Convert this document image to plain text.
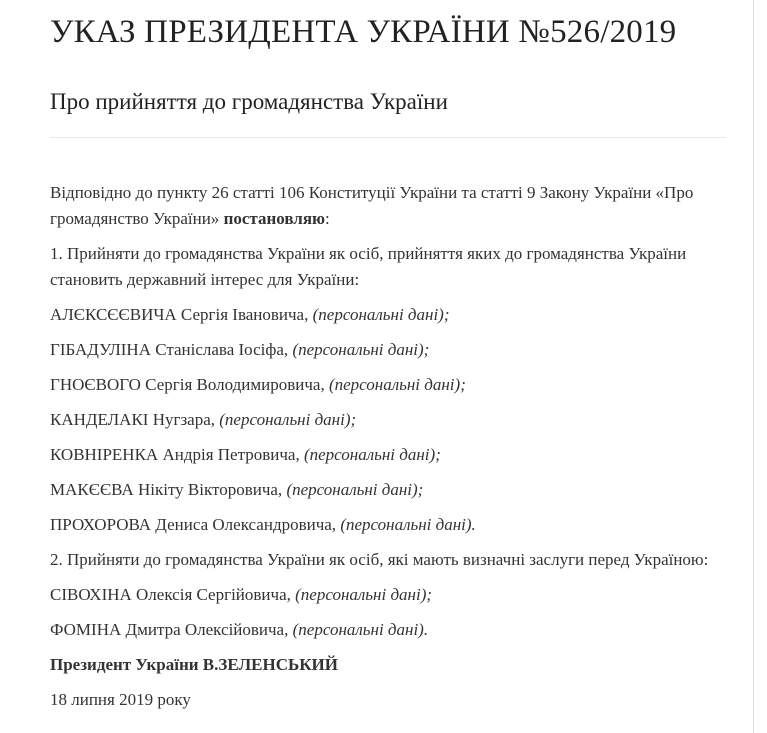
УКАЗ ПРЕЗИДЕНТА УКРАЇНИ №526/2019
Про прийняття до громадянства України

Відповідно до пункту 26 статті 106 Конституції України та статті 9 Закону України «Про громадянство України» постановляю:

1. Прийняти до громадянства України як осіб, прийняття яких до громадянства України становить державний інтерес для України:

АЛЄКСЄЄВИЧА Сергія Івановича, (персональні дані);

ГІБАДУЛІНА Станіслава Іосіфа, (персональні дані);

ГНОЄВОГО Сергія Володимировича, (персональні дані);

КАНДЕЛАКІ Нугзара, (персональні дані);

КОВНІРЕНКА Андрія Петровича, (персональні дані);

МАКЄЄВА Нікіту Вікторовича, (персональні дані);

ПРОХОРОВА Дениса Олександровича, (персональні дані).

2. Прийняти до громадянства України як осіб, які мають визначні заслуги перед Україною:

СІВОХІНА Олексія Сергійовича, (персональні дані);

ФОМІНА Дмитра Олексійовича, (персональні дані).

Президент України В.ЗЕЛЕНСЬКИЙ

18 липня 2019 року
